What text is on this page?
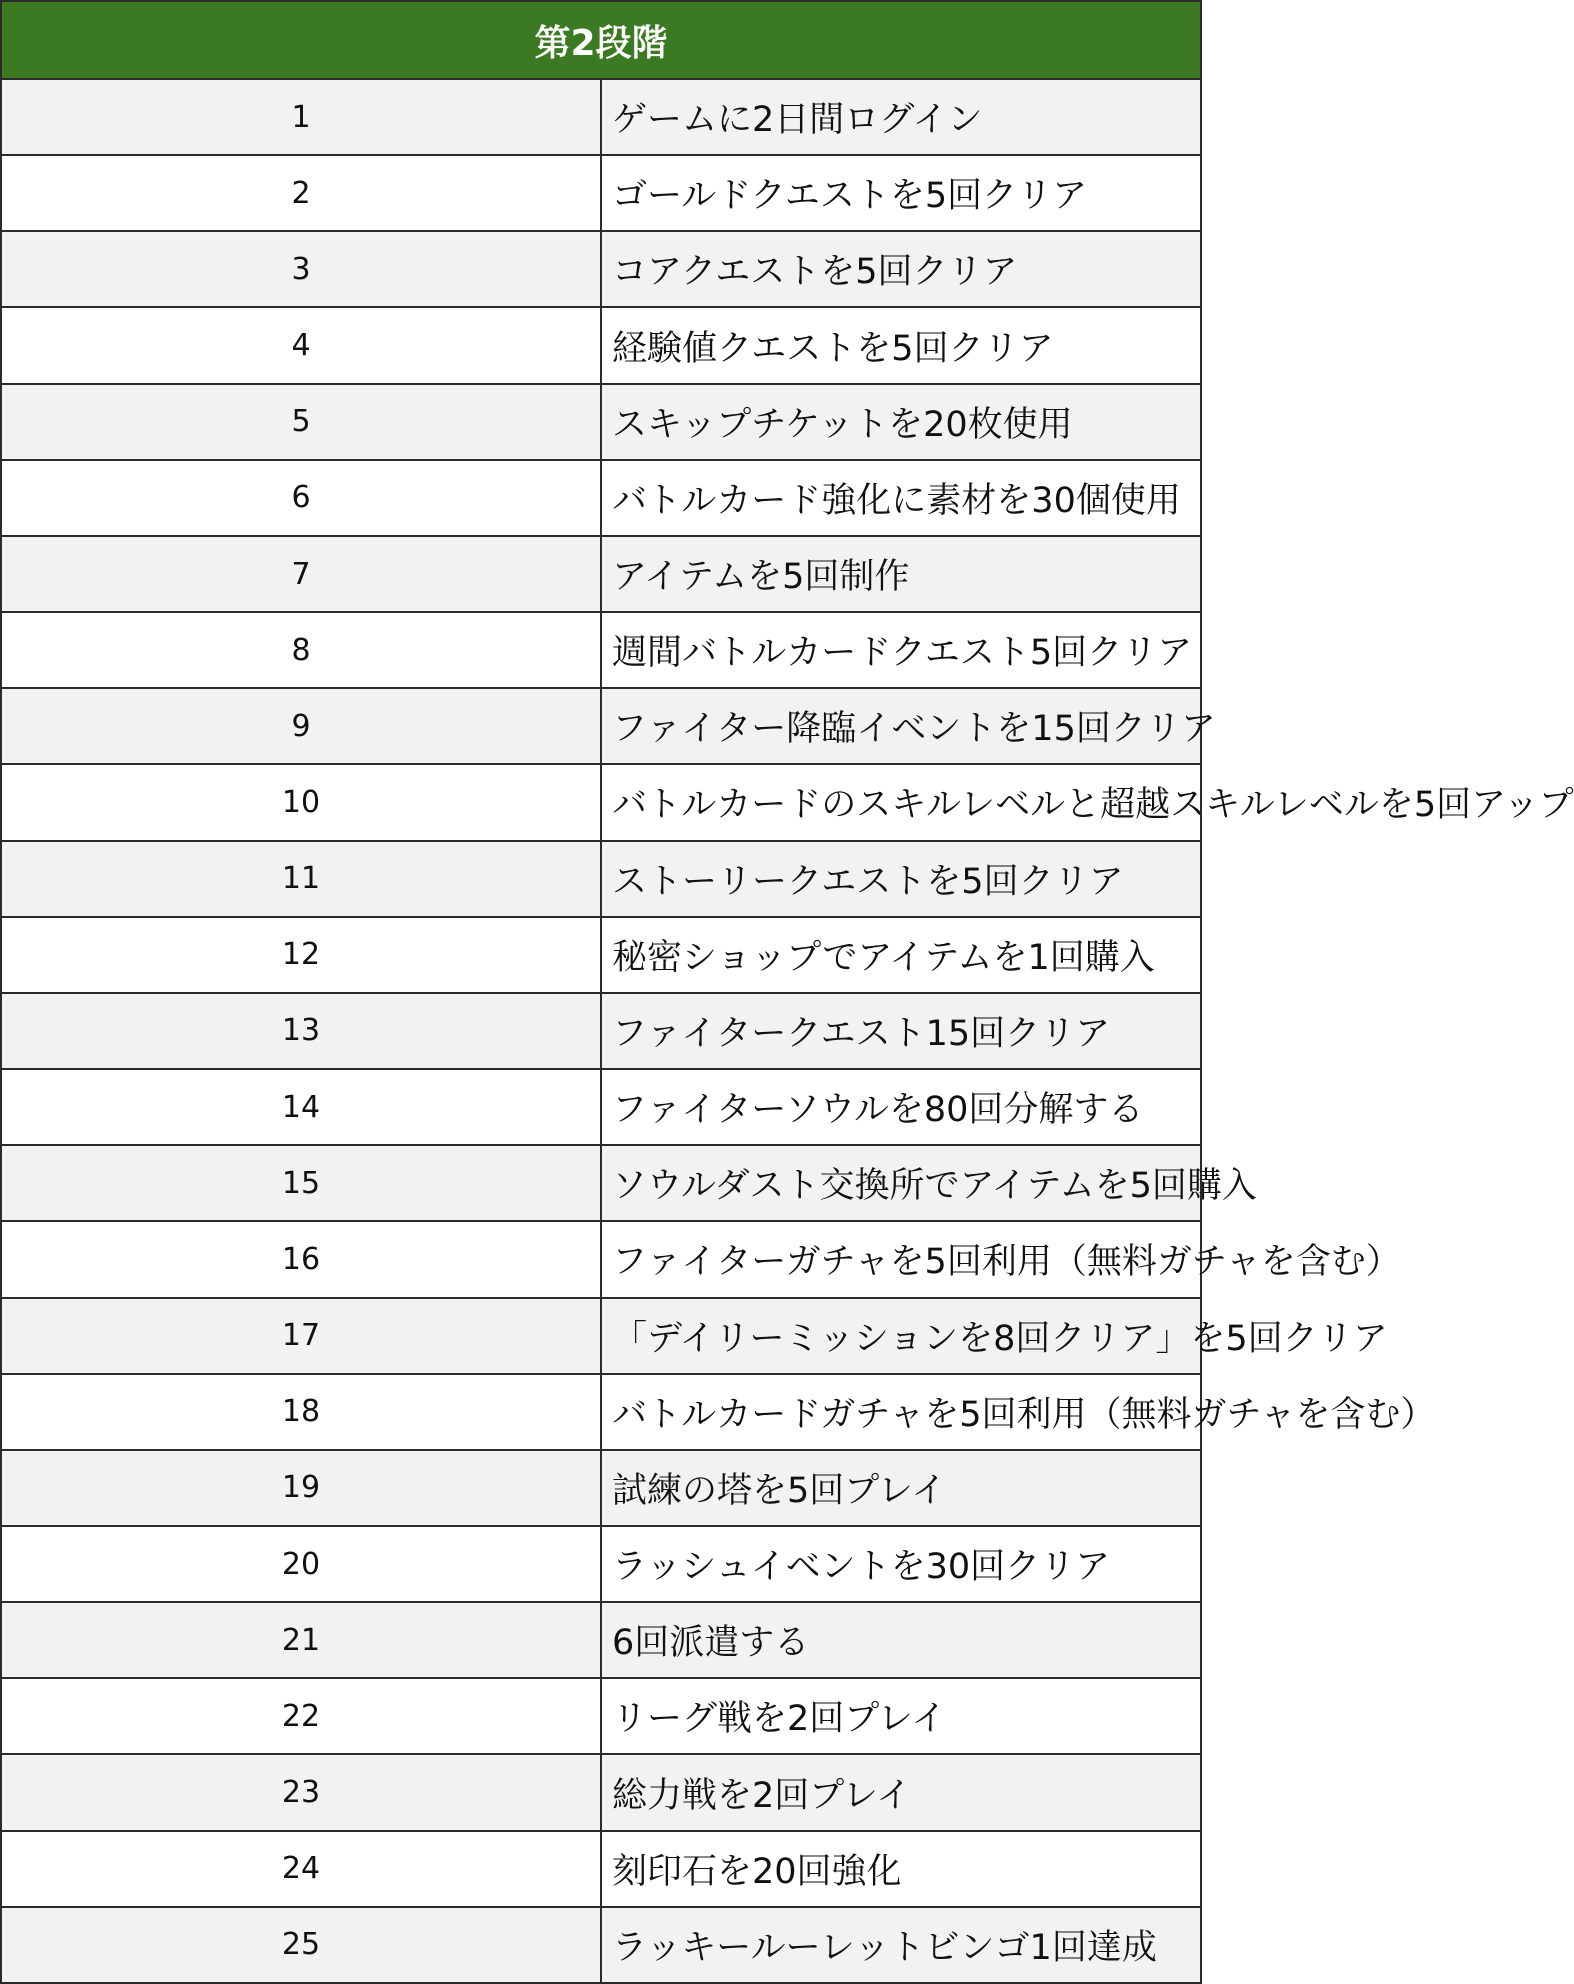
第2段階	
1	ゲームに2日間ログイン
2	ゴールドクエストを5回クリア
3	コアクエストを5回クリア
4	経験値クエストを5回クリア
5	スキップチケットを20枚使用
6	バトルカード強化に素材を30個使用
7	アイテムを5回制作
8	週間バトルカードクエスト5回クリア
9	ファイター降臨イベントを15回クリア
10	バトルカードのスキルレベルと超越スキルレベルを5回アップ
11	ストーリークエストを5回クリア
12	秘密ショップでアイテムを1回購入
13	ファイタークエスト15回クリア
14	ファイターソウルを80回分解する
15	ソウルダスト交換所でアイテムを5回購入
16	ファイターガチャを5回利用（無料ガチャを含む）
17	「デイリーミッションを8回クリア」を5回クリア
18	バトルカードガチャを5回利用（無料ガチャを含む）
19	試練の塔を5回プレイ
20	ラッシュイベントを30回クリア
21	6回派遣する
22	リーグ戦を2回プレイ
23	総力戦を2回プレイ
24	刻印石を20回強化
25	ラッキールーレットビンゴ1回達成
